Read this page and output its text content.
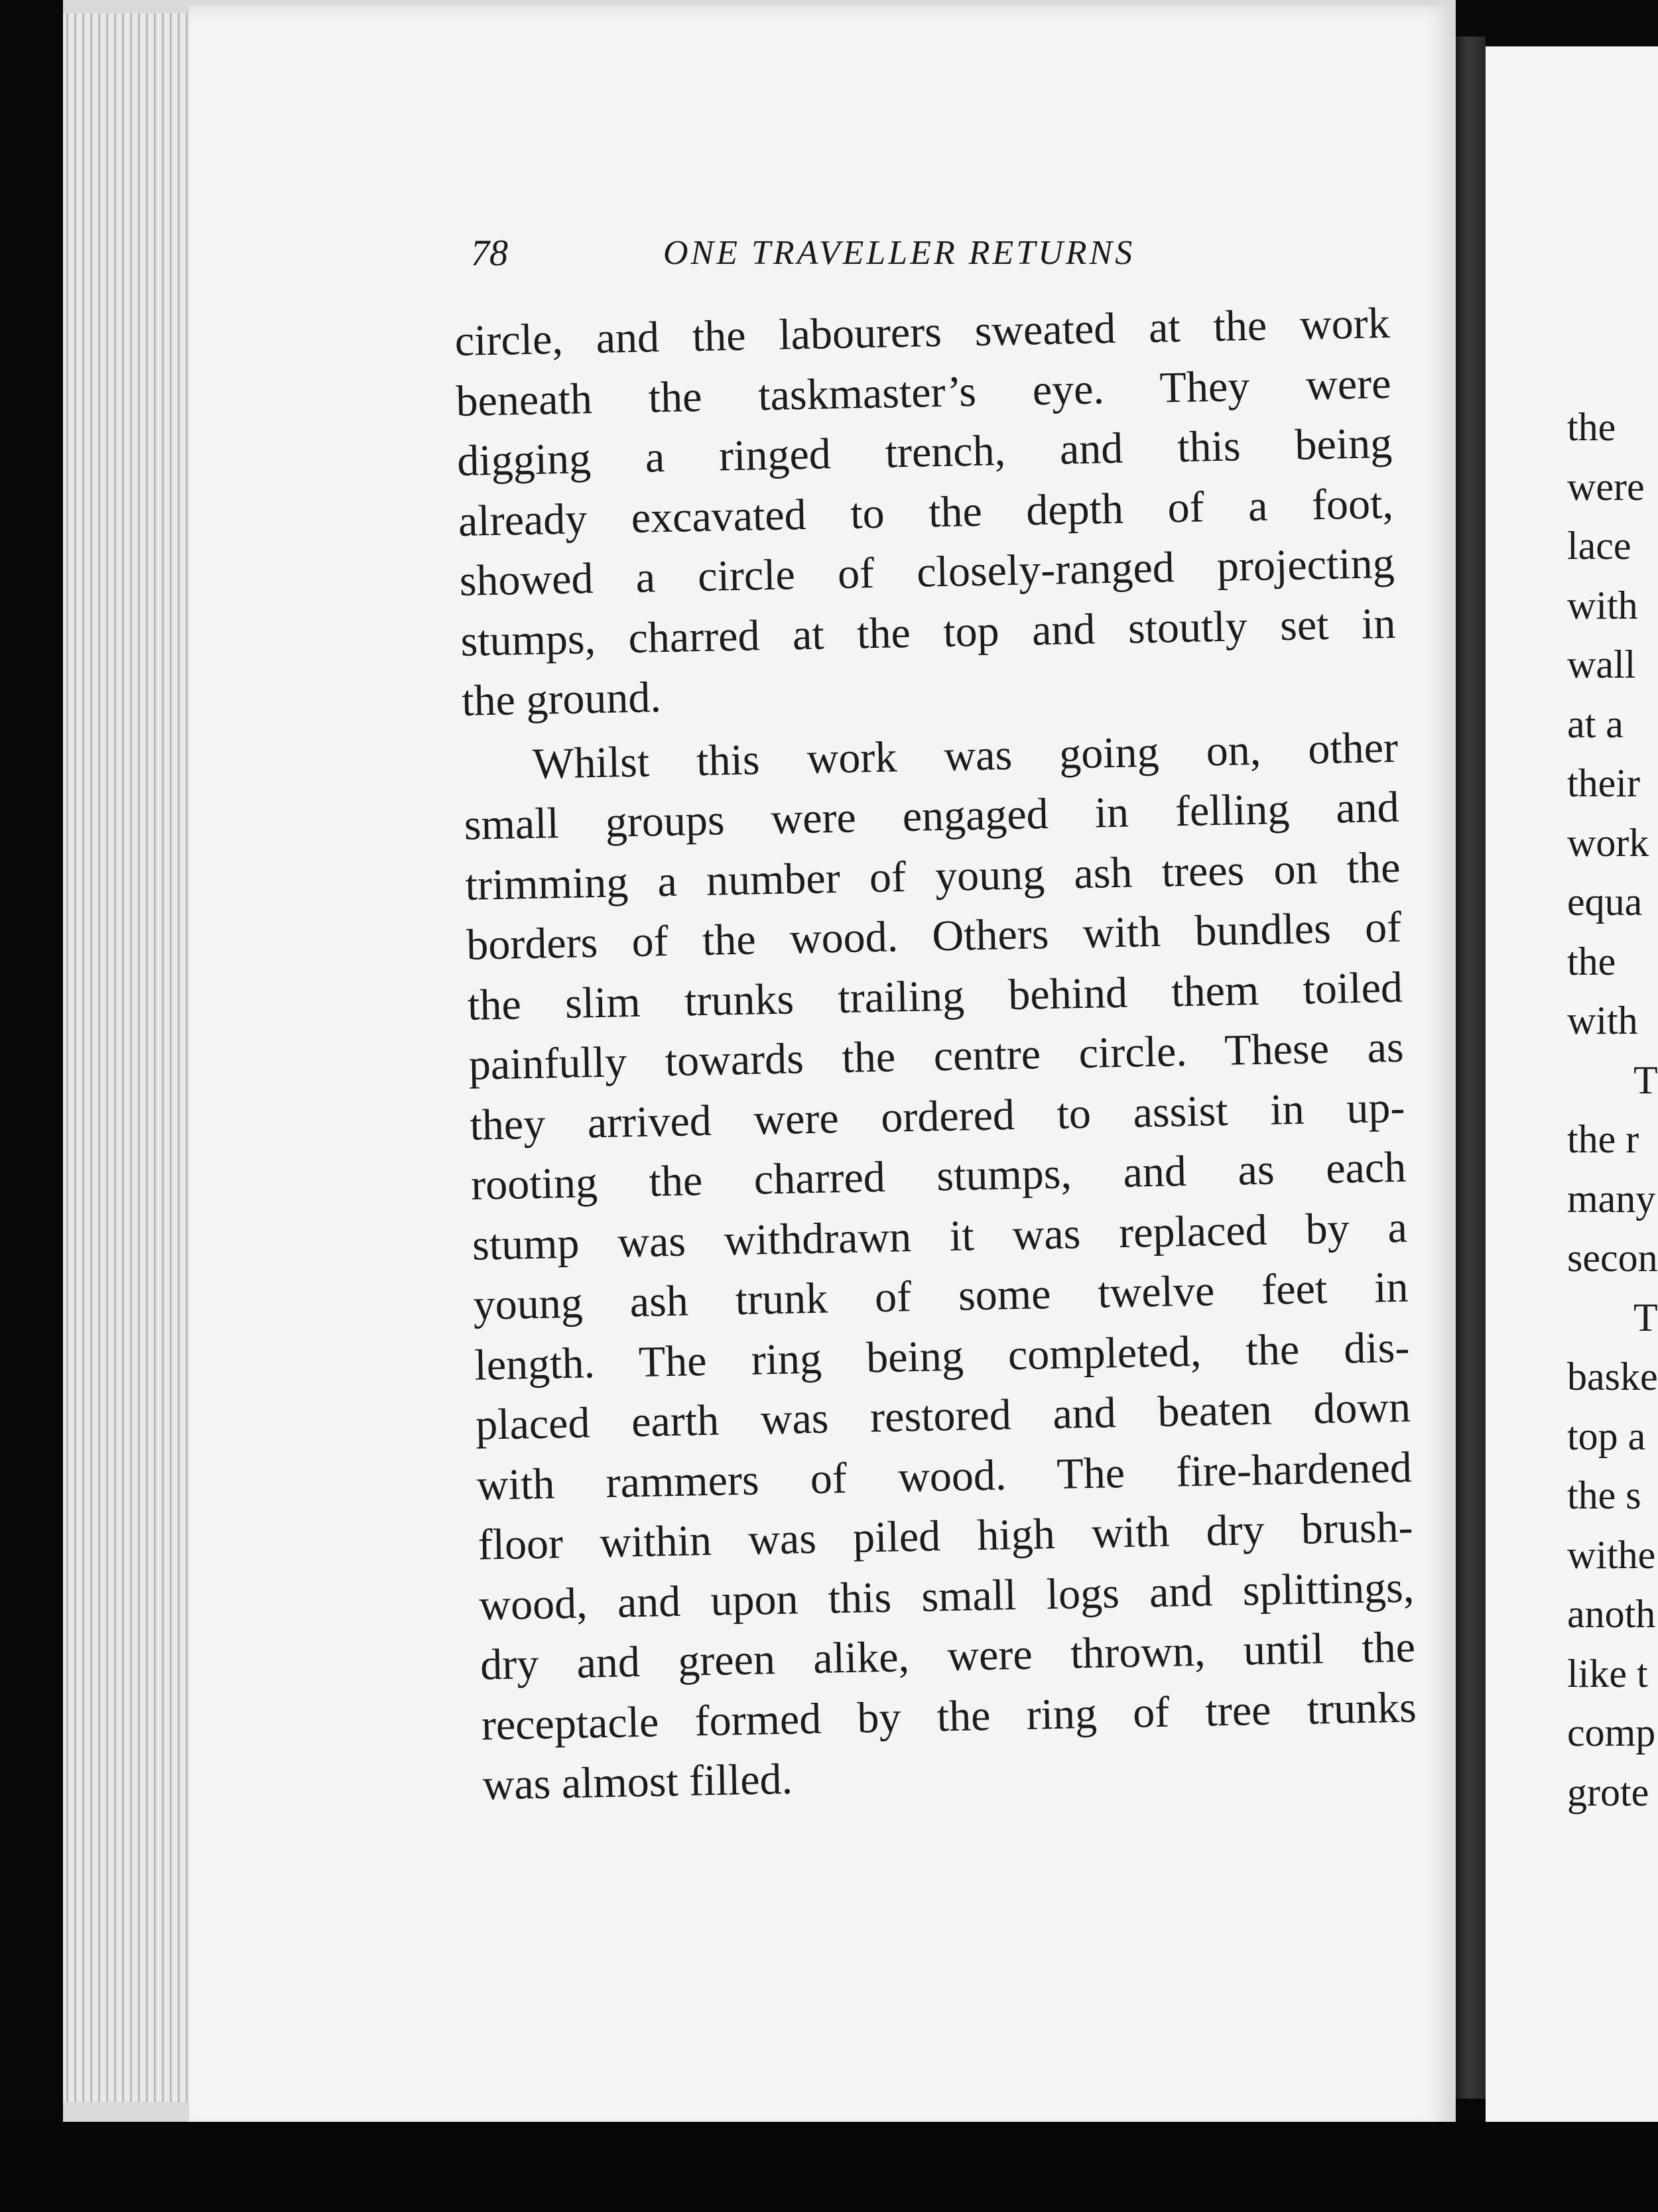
78	ONE TRAVELLER RETURNS
circle, and the labourers sweated at the work
beneath the taskmaster’s eye. They were
digging a ringed trench, and this being
already excavated to the depth of a foot,
showed a circle of closely-ranged projecting
stumps, charred at the top and stoutly set in
the ground.
Whilst this work was going on, other
small groups were engaged in felling and
trimming a number of young ash trees on the
borders of the wood. Others with bundles of
the slim trunks trailing behind them toiled
painfully towards the centre circle. These as
they arrived were ordered to assist in up-
rooting the charred stumps, and as each
stump was withdrawn it was replaced by a
young ash trunk of some twelve feet in
length. The ring being completed, the dis-
placed earth was restored and beaten down
with rammers of wood. The fire-hardened
floor within was piled high with dry brush-
wood, and upon this small logs and splittings,
dry and green alike, were thrown, until the
receptacle formed by the ring of tree trunks
was almost filled.
the
were
lace
with
wall
at a
their
work
equa
the
with
T
the r
many
secon
T
baske
top a
the s
withe
anoth
like t
comp
grote
